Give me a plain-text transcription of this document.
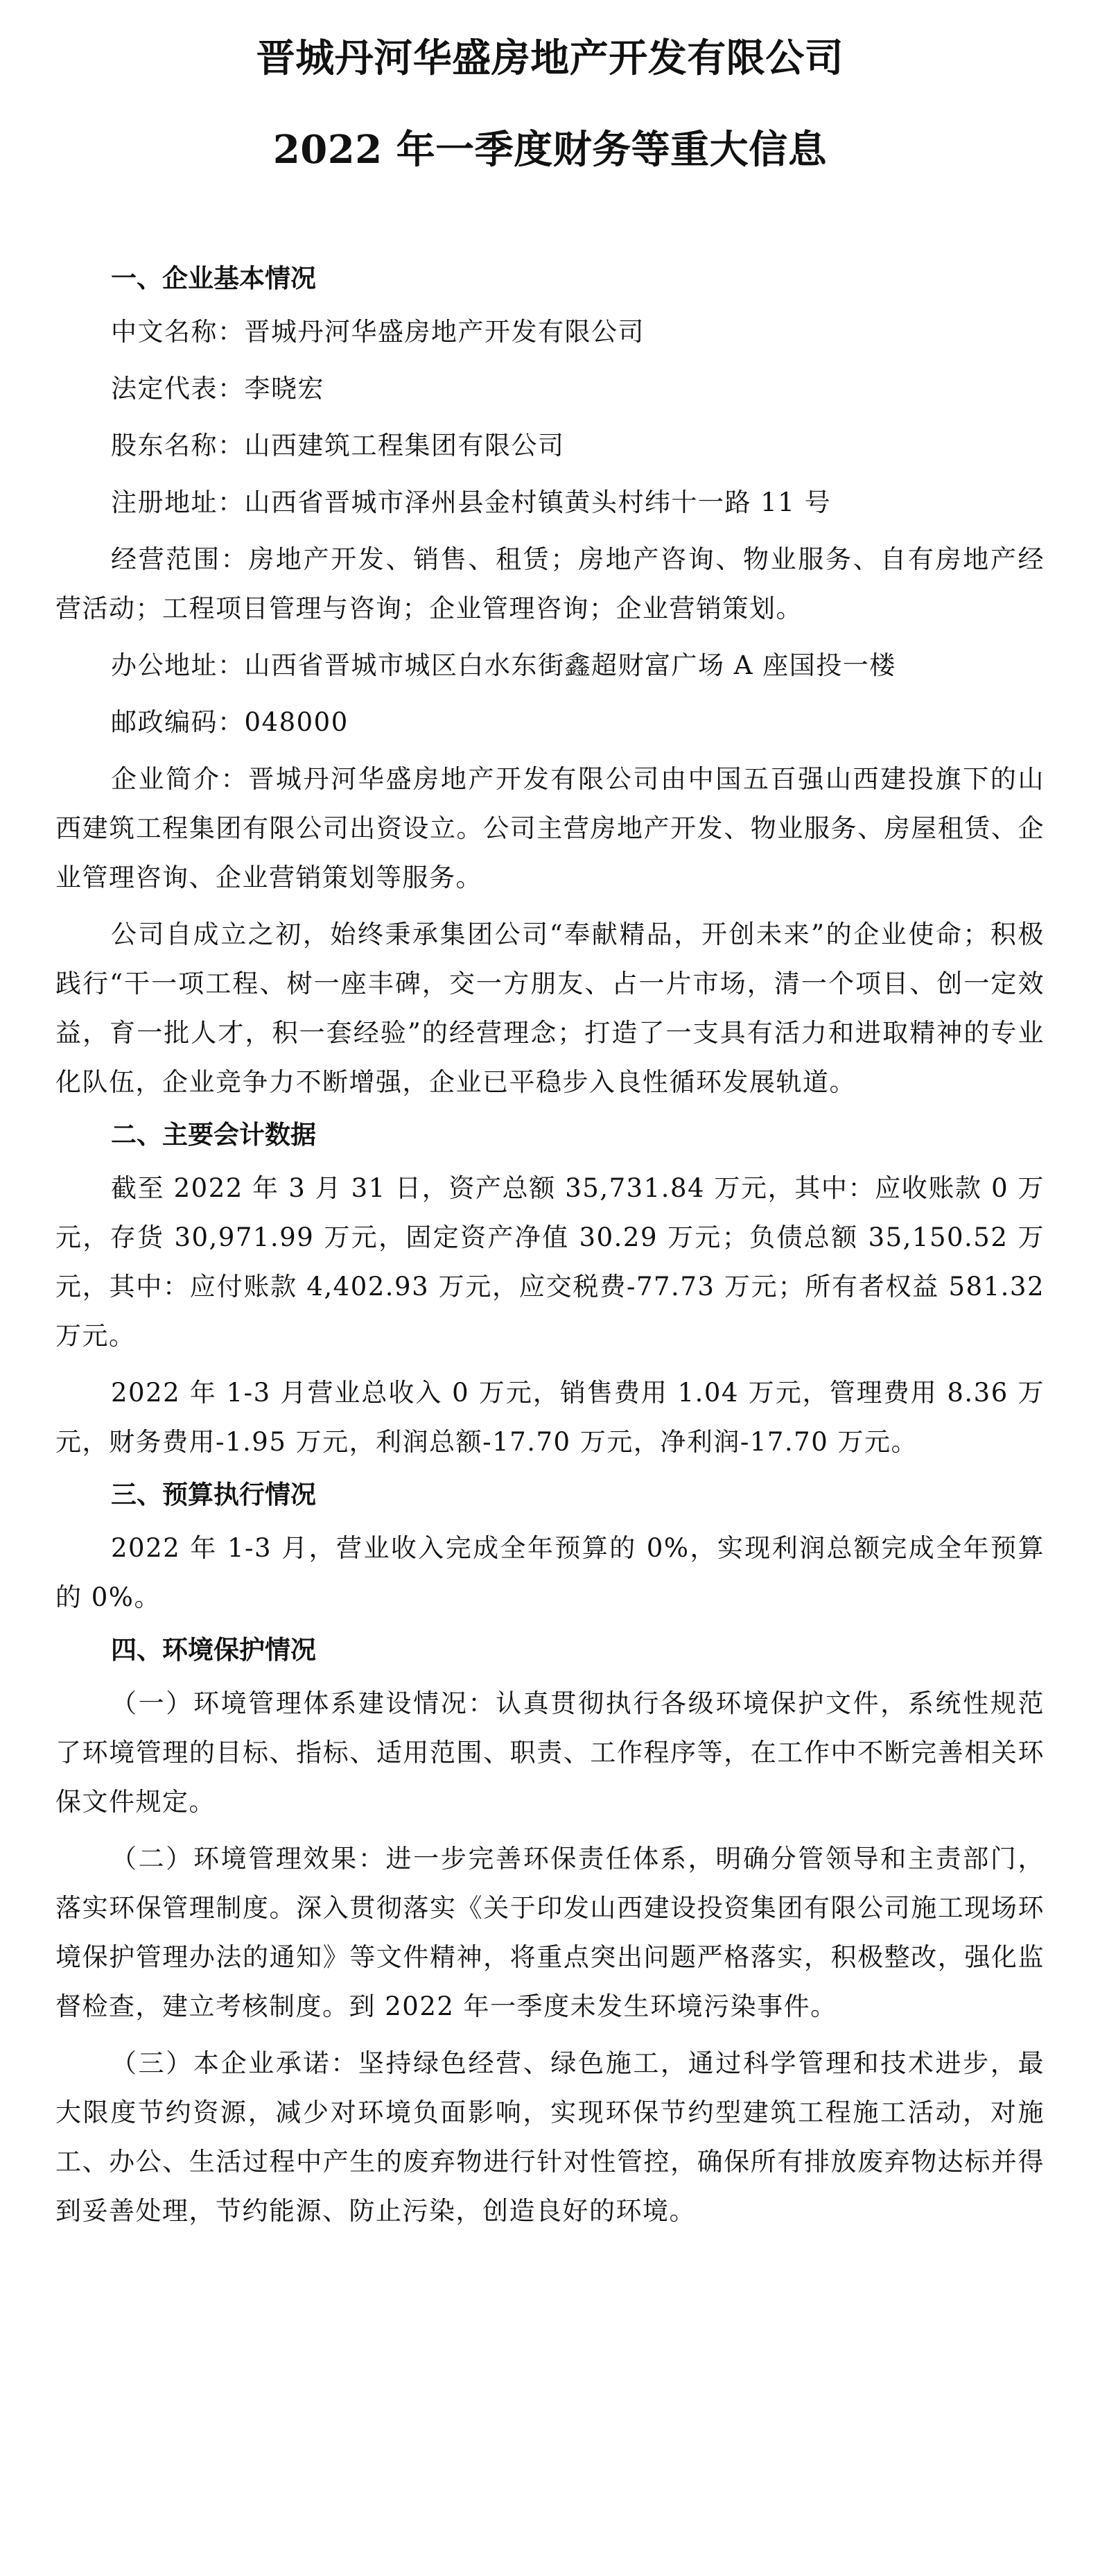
晋城丹河华盛房地产开发有限公司
2022 年一季度财务等重大信息
一、企业基本情况

中文名称：晋城丹河华盛房地产开发有限公司

法定代表：李晓宏

股东名称：山西建筑工程集团有限公司

注册地址：山西省晋城市泽州县金村镇黄头村纬十一路 11 号

经营范围：房地产开发、销售、租赁；房地产咨询、物业服务、自有房地产经营活动；工程项目管理与咨询；企业管理咨询；企业营销策划。

办公地址：山西省晋城市城区白水东街鑫超财富广场 A 座国投一楼

邮政编码：048000

企业简介：晋城丹河华盛房地产开发有限公司由中国五百强山西建投旗下的山西建筑工程集团有限公司出资设立。公司主营房地产开发、物业服务、房屋租赁、企业管理咨询、企业营销策划等服务。

公司自成立之初，始终秉承集团公司“奉献精品，开创未来”的企业使命；积极践行“干一项工程、树一座丰碑，交一方朋友、占一片市场，清一个项目、创一定效益，育一批人才，积一套经验”的经营理念；打造了一支具有活力和进取精神的专业化队伍，企业竞争力不断增强，企业已平稳步入良性循环发展轨道。

二、主要会计数据

截至 2022 年 3 月 31 日，资产总额 35,731.84 万元，其中：应收账款 0 万元，存货 30,971.99 万元，固定资产净值 30.29 万元；负债总额 35,150.52 万元，其中：应付账款 4,402.93 万元，应交税费-77.73 万元；所有者权益 581.32 万元。

2022 年 1-3 月营业总收入 0 万元，销售费用 1.04 万元，管理费用 8.36 万元，财务费用-1.95 万元，利润总额-17.70 万元，净利润-17.70 万元。

三、预算执行情况

2022 年 1-3 月，营业收入完成全年预算的 0%，实现利润总额完成全年预算的 0%。

四、环境保护情况

（一）环境管理体系建设情况：认真贯彻执行各级环境保护文件，系统性规范了环境管理的目标、指标、适用范围、职责、工作程序等，在工作中不断完善相关环保文件规定。

（二）环境管理效果：进一步完善环保责任体系，明确分管领导和主责部门，落实环保管理制度。深入贯彻落实《关于印发山西建设投资集团有限公司施工现场环境保护管理办法的通知》等文件精神，将重点突出问题严格落实，积极整改，强化监督检查，建立考核制度。到 2022 年一季度未发生环境污染事件。

（三）本企业承诺：坚持绿色经营、绿色施工，通过科学管理和技术进步，最大限度节约资源，减少对环境负面影响，实现环保节约型建筑工程施工活动，对施工、办公、生活过程中产生的废弃物进行针对性管控，确保所有排放废弃物达标并得到妥善处理，节约能源、防止污染，创造良好的环境。
